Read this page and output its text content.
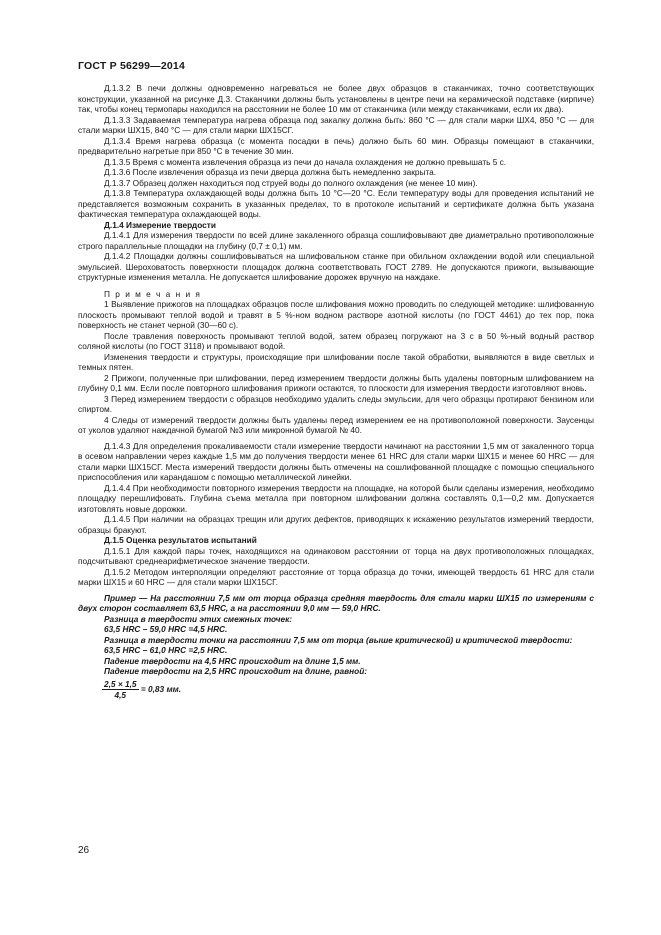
ГОСТ Р 56299—2014

Д.1.3.2 В печи должны одновременно нагреваться не более двух образцов в стаканчиках, точно соответствующих конструкции, указанной на рисунке Д.3. Стаканчики должны быть установлены в центре печи на керамической подставке (кирпиче) так, чтобы конец термопары находился на расстоянии не более 10 мм от стаканчика (или между стаканчиками, если их два).

Д.1.3.3 Задаваемая температура нагрева образца под закалку должна быть: 860 °С — для стали марки ШХ4, 850 °С — для стали марки ШХ15, 840 °С — для стали марки ШХ15СГ.

Д.1.3.4 Время нагрева образца (с момента посадки в печь) должно быть 60 мин. Образцы помещают в стаканчики, предварительно нагретые при 850 °С в течение 30 мин.

Д.1.3.5 Время с момента извлечения образца из печи до начала охлаждения не должно превышать 5 с.

Д.1.3.6 После извлечения образца из печи дверца должна быть немедленно закрыта.

Д.1.3.7 Образец должен находиться под струей воды до полного охлаждения (не менее 10 мин).

Д.1.3.8 Температура охлаждающей воды должна быть 10 °С—20 °С. Если температуру воды для проведения испытаний не представляется возможным сохранить в указанных пределах, то в протоколе испытаний и сертификате должна быть указана фактическая температура охлаждающей воды.

Д.1.4 Измерение твердости

Д.1.4.1 Для измерения твердости по всей длине закаленного образца сошлифовывают две диаметрально противоположные строго параллельные площадки на глубину (0,7 ± 0,1) мм.

Д.1.4.2 Площадки должны сошлифовываться на шлифовальном станке при обильном охлаждении водой или специальной эмульсией. Шероховатость поверхности площадок должна соответствовать ГОСТ 2789. Не допускаются прижоги, вызывающие структурные изменения металла. Не допускается шлифование дорожек вручную на наждаке.

П р и м е ч а н и я

1 Выявление прижогов на площадках образцов после шлифования можно проводить по следующей методике: шлифованную плоскость промывают теплой водой и травят в 5 %-ном водном растворе азотной кислоты (по ГОСТ 4461) до тех пор, пока поверхность не станет черной (30—60 с).

После травления поверхность промывают теплой водой, затем образец погружают на 3 с в 50 %-ный водный раствор соляной кислоты (по ГОСТ 3118) и промывают водой.

Изменения твердости и структуры, происходящие при шлифовании после такой обработки, выявляются в виде светлых и темных пятен.

2 Прижоги, полученные при шлифовании, перед измерением твердости должны быть удалены повторным шлифованием на глубину 0,1 мм. Если после повторного шлифования прижоги остаются, то плоскости для измерения твердости изготовляют вновь.

3 Перед измерением твердости с образцов необходимо удалить следы эмульсии, для чего образцы протирают бензином или спиртом.

4 Следы от измерений твердости должны быть удалены перед измерением ее на противоположной поверхности. Заусенцы от уколов удаляют наждачной бумагой №3 или микронной бумагой № 40.

Д.1.4.3 Для определения прокаливаемости стали измерение твердости начинают на расстоянии 1,5 мм от закаленного торца в осевом направлении через каждые 1,5 мм до получения твердости менее 61 HRC для стали марки ШХ15 и менее 60 HRC — для стали марки ШХ15СГ. Места измерений твердости должны быть отмечены на сошлифованной площадке с помощью специального приспособления или карандашом с помощью металлической линейки.

Д.1.4.4 При необходимости повторного измерения твердости на площадке, на которой были сделаны измерения, необходимо площадку перешлифовать. Глубина съема металла при повторном шлифовании должна составлять 0,1—0,2 мм. Допускается изготовлять новые дорожки.

Д.1.4.5 При наличии на образцах трещин или других дефектов, приводящих к искажению результатов измерений твердости, образцы бракуют.

Д.1.5 Оценка результатов испытаний

Д.1.5.1 Для каждой пары точек, находящихся на одинаковом расстоянии от торца на двух противоположных площадках, подсчитывают среднеарифметическое значение твердости.

Д.1.5.2 Методом интерполяции определяют расстояние от торца образца до точки, имеющей твердость 61 HRC для стали марки ШХ15 и 60 HRC — для стали марки ШХ15СГ.

Пример — На расстоянии 7,5 мм от торца образца средняя твердость для стали марки ШХ15 по измерениям с двух сторон составляет 63,5 HRC, а на расстоянии 9,0 мм — 59,0 HRC.

Разница в твердости этих смежных точек:

63,5 HRC – 59,0 HRC =4,5 HRC.

Разница в твердости точки на расстоянии 7,5 мм от торца (выше критической) и критической твердости:

63,5 HRC – 61,0 HRC =2,5 HRC.

Падение твердости на 4,5 HRC происходит на длине 1,5 мм.

Падение твердости на 2,5 HRC происходит на длине, равной:

$\frac{2,5 \times 1,5}{4,5} = 0,83$ мм.
26
